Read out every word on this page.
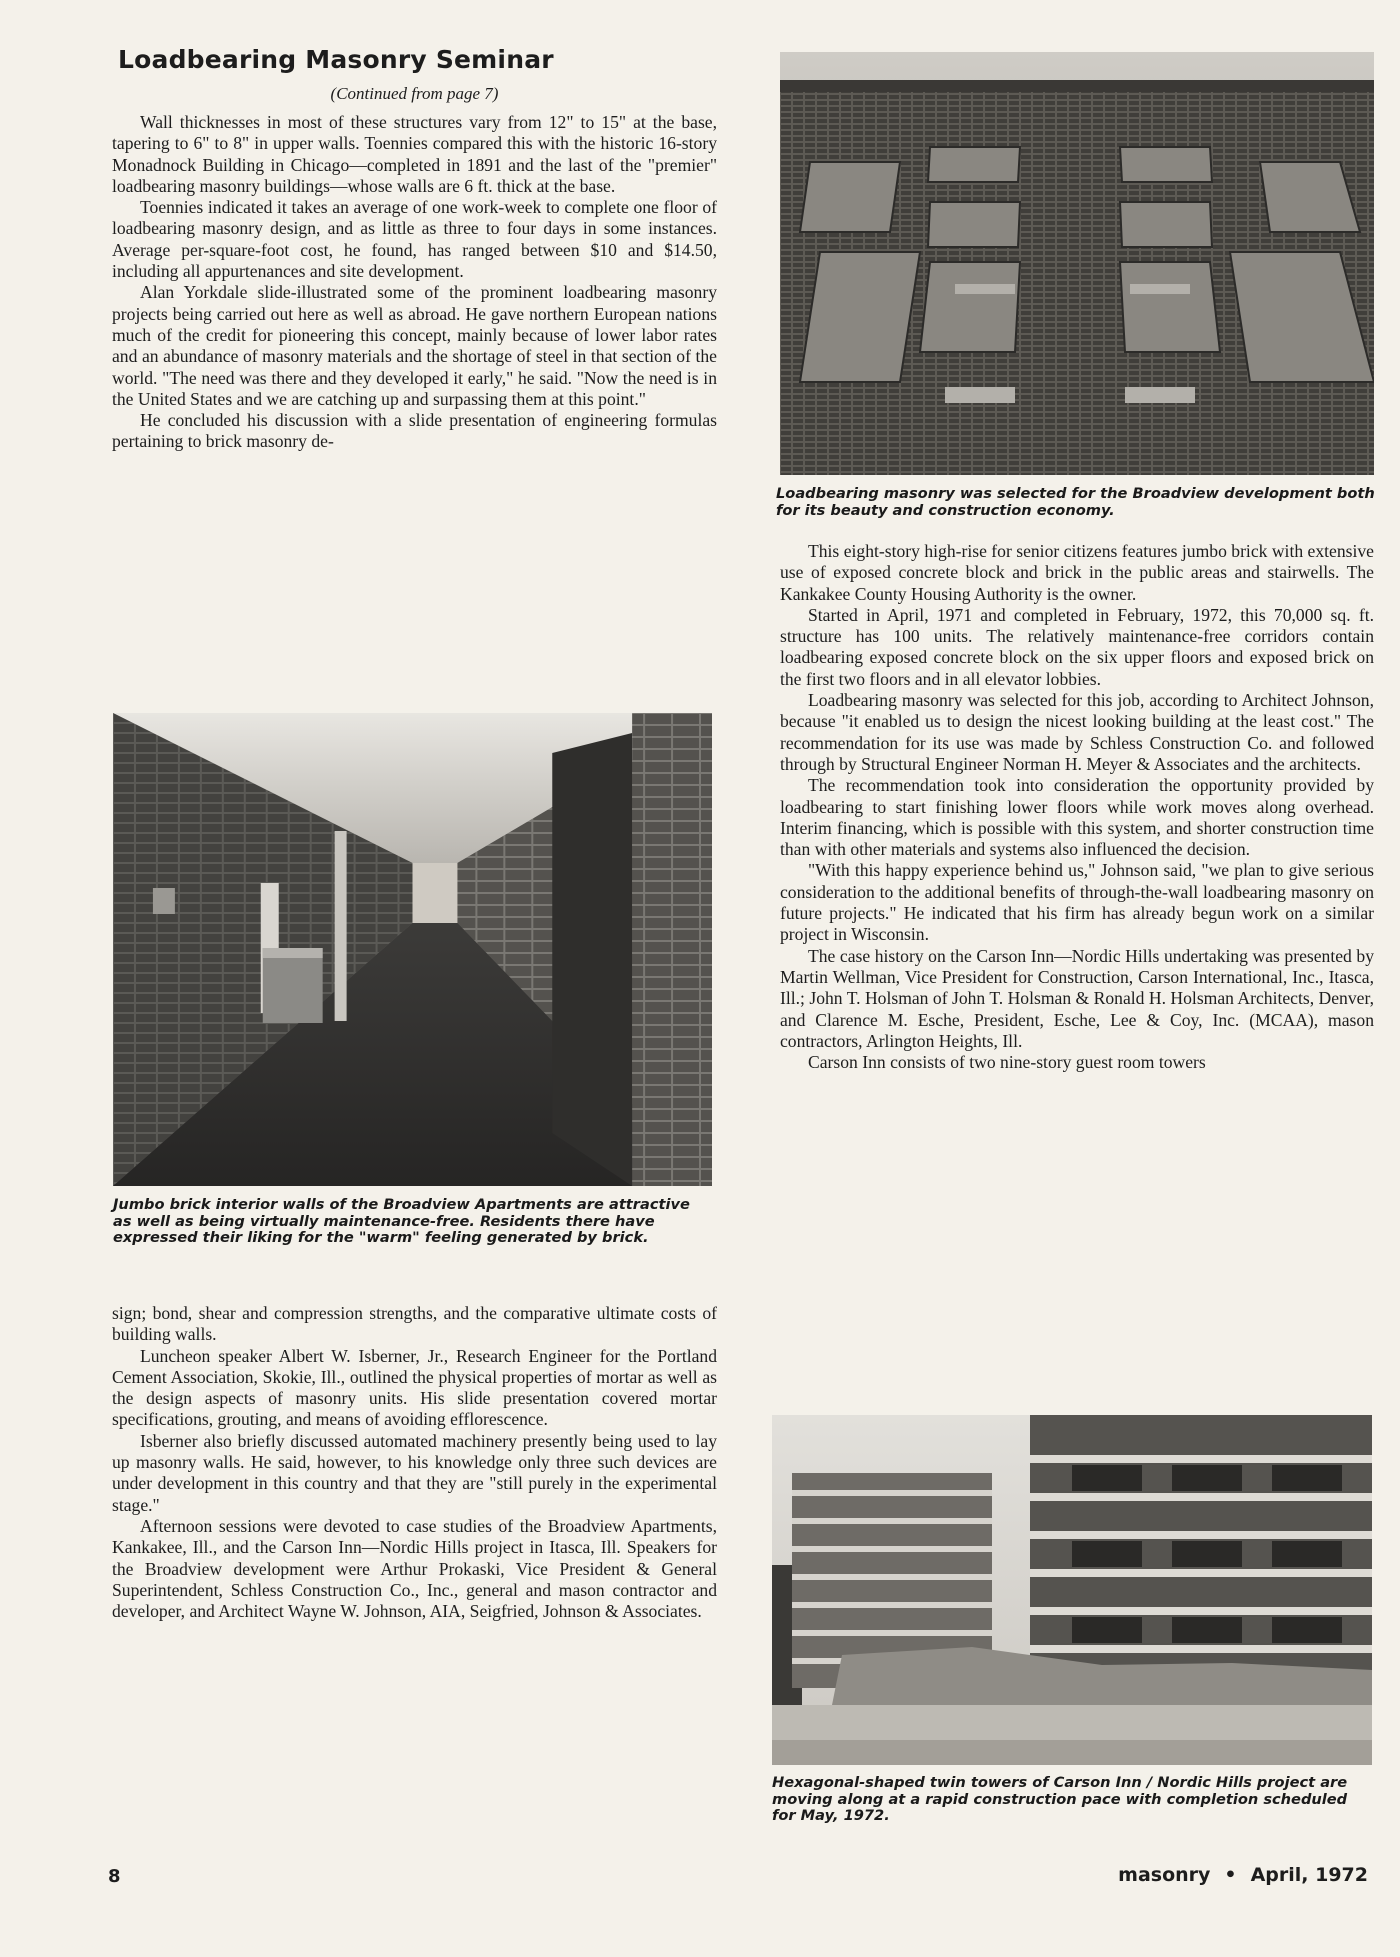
Loadbearing Masonry Seminar
(Continued from page 7)

Wall thicknesses in most of these structures vary from 12" to 15" at the base, tapering to 6" to 8" in upper walls. Toennies compared this with the historic 16-story Monadnock Building in Chicago—completed in 1891 and the last of the "premier" loadbearing masonry buildings—whose walls are 6 ft. thick at the base.

Toennies indicated it takes an average of one work-week to complete one floor of loadbearing masonry design, and as little as three to four days in some instances. Average per-square-foot cost, he found, has ranged between $10 and $14.50, including all appurtenances and site development.

Alan Yorkdale slide-illustrated some of the prominent loadbearing masonry projects being carried out here as well as abroad. He gave northern European nations much of the credit for pioneering this concept, mainly because of lower labor rates and an abundance of masonry materials and the shortage of steel in that section of the world. "The need was there and they developed it early," he said. "Now the need is in the United States and we are catching up and surpassing them at this point."

He concluded his discussion with a slide presentation of engineering formulas pertaining to brick masonry de-

Jumbo brick interior walls of the Broadview Apartments are attractive as well as being virtually maintenance-free. Residents there have expressed their liking for the "warm" feeling generated by brick.

sign; bond, shear and compression strengths, and the comparative ultimate costs of building walls.

Luncheon speaker Albert W. Isberner, Jr., Research Engineer for the Portland Cement Association, Skokie, Ill., outlined the physical properties of mortar as well as the design aspects of masonry units. His slide presentation covered mortar specifications, grouting, and means of avoiding efflorescence.

Isberner also briefly discussed automated machinery presently being used to lay up masonry walls. He said, however, to his knowledge only three such devices are under development in this country and that they are "still purely in the experimental stage."

Afternoon sessions were devoted to case studies of the Broadview Apartments, Kankakee, Ill., and the Carson Inn—Nordic Hills project in Itasca, Ill. Speakers for the Broadview development were Arthur Prokaski, Vice President & General Superintendent, Schless Construction Co., Inc., general and mason contractor and developer, and Architect Wayne W. Johnson, AIA, Seigfried, Johnson & Associates.

Loadbearing masonry was selected for the Broadview development both for its beauty and construction economy.

This eight-story high-rise for senior citizens features jumbo brick with extensive use of exposed concrete block and brick in the public areas and stairwells. The Kankakee County Housing Authority is the owner.

Started in April, 1971 and completed in February, 1972, this 70,000 sq. ft. structure has 100 units. The relatively maintenance-free corridors contain loadbearing exposed concrete block on the six upper floors and exposed brick on the first two floors and in all elevator lobbies.

Loadbearing masonry was selected for this job, according to Architect Johnson, because "it enabled us to design the nicest looking building at the least cost." The recommendation for its use was made by Schless Construction Co. and followed through by Structural Engineer Norman H. Meyer & Associates and the architects.

The recommendation took into consideration the opportunity provided by loadbearing to start finishing lower floors while work moves along overhead. Interim financing, which is possible with this system, and shorter construction time than with other materials and systems also influenced the decision.

"With this happy experience behind us," Johnson said, "we plan to give serious consideration to the additional benefits of through-the-wall loadbearing masonry on future projects." He indicated that his firm has already begun work on a similar project in Wisconsin.

The case history on the Carson Inn—Nordic Hills undertaking was presented by Martin Wellman, Vice President for Construction, Carson International, Inc., Itasca, Ill.; John T. Holsman of John T. Holsman & Ronald H. Holsman Architects, Denver, and Clarence M. Esche, President, Esche, Lee & Coy, Inc. (MCAA), mason contractors, Arlington Heights, Ill.

Carson Inn consists of two nine-story guest room towers

Hexagonal-shaped twin towers of Carson Inn / Nordic Hills project are moving along at a rapid construction pace with completion scheduled for May, 1972.
8	masonry • April, 1972
